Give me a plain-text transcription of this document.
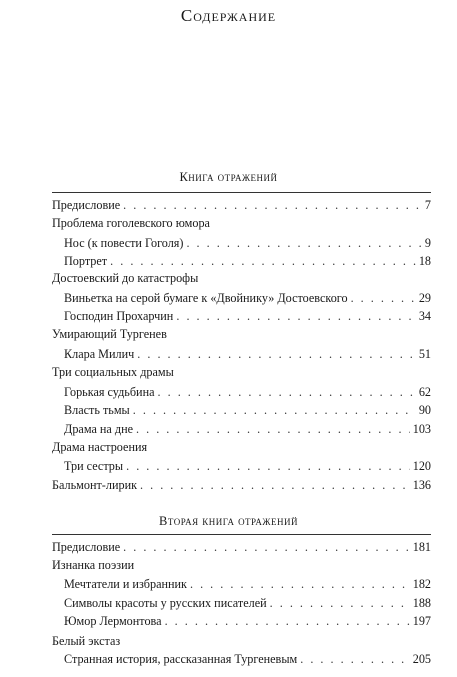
Содержание
Книга отражений
Предисловие . . .	7
Проблема гоголевского юмора
Нос (к повести Гоголя) . . .	9
Портрет . . .	18
Достоевский до катастрофы
Виньетка на серой бумаге к «Двойнику» Достоевского . . .	29
Господин Прохарчин . . .	34
Умирающий Тургенев
Клара Милич . . .	51
Три социальных драмы
Горькая судьбина . . .	62
Власть тьмы . . .	90
Драма на дне . . .	103
Драма настроения
Три сестры . . .	120
Бальмонт-лирик . . .	136
Вторая книга отражений
Предисловие . . .	181
Изнанка поэзии
Мечтатели и избранник . . .	182
Символы красоты у русских писателей . . .	188
Юмор Лермонтова . . .	197
Белый экстаз
Странная история, рассказанная Тургеневым . . .	205
